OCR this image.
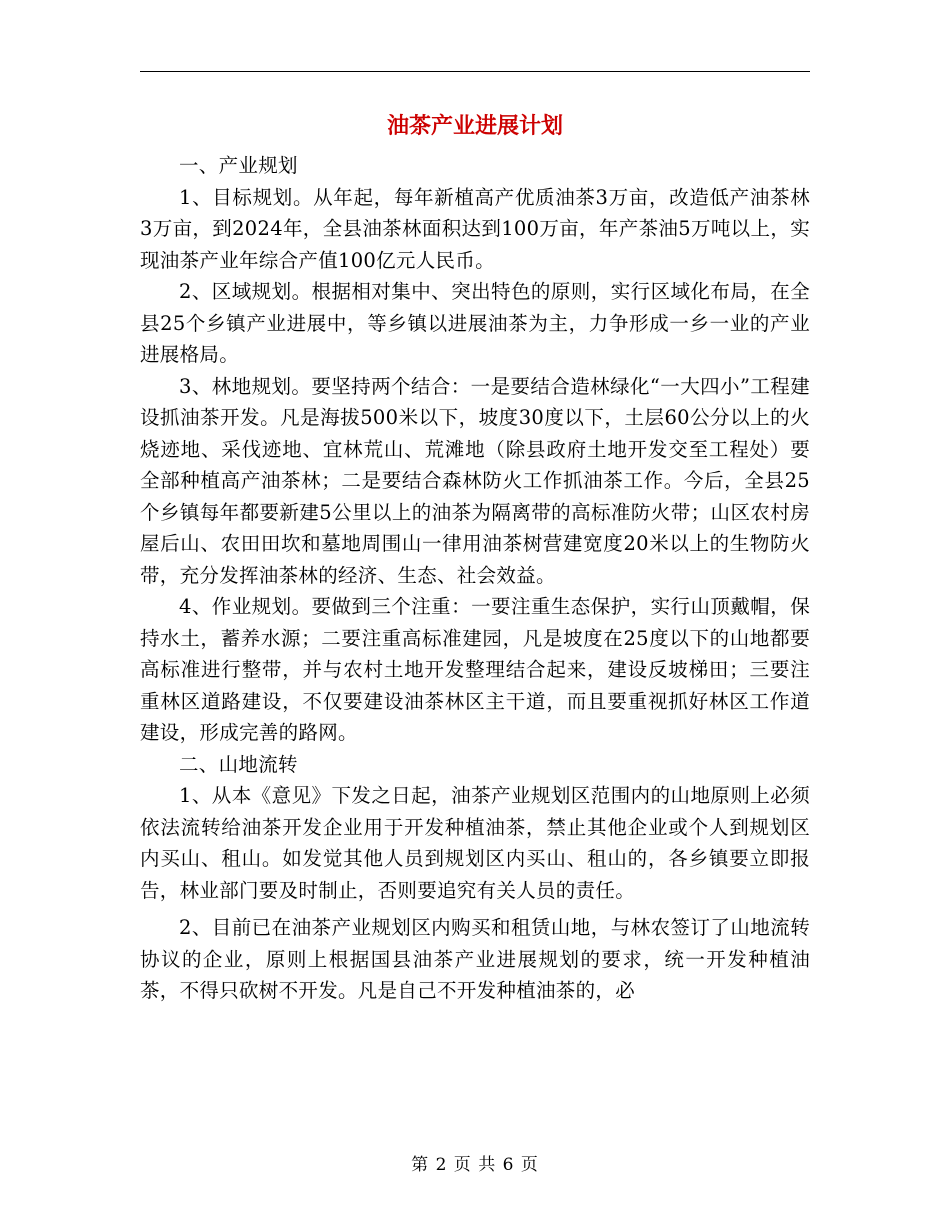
油茶产业进展计划

一、产业规划

1、目标规划。从年起，每年新植高产优质油茶3万亩，改造低产油茶林3万亩，到2024年，全县油茶林面积达到100万亩，年产茶油5万吨以上，实现油茶产业年综合产值100亿元人民币。

2、区域规划。根据相对集中、突出特色的原则，实行区域化布局，在全县25个乡镇产业进展中，等乡镇以进展油茶为主，力争形成一乡一业的产业进展格局。

3、林地规划。要坚持两个结合：一是要结合造林绿化“一大四小”工程建设抓油茶开发。凡是海拔500米以下，坡度30度以下，土层60公分以上的火烧迹地、采伐迹地、宜林荒山、荒滩地（除县政府土地开发交至工程处）要全部种植高产油茶林；二是要结合森林防火工作抓油茶工作。今后，全县25个乡镇每年都要新建5公里以上的油茶为隔离带的高标准防火带；山区农村房屋后山、农田田坎和墓地周围山一律用油茶树营建宽度20米以上的生物防火带，充分发挥油茶林的经济、生态、社会效益。

4、作业规划。要做到三个注重：一要注重生态保护，实行山顶戴帽，保持水土，蓄养水源；二要注重高标准建园，凡是坡度在25度以下的山地都要高标准进行整带，并与农村土地开发整理结合起来，建设反坡梯田；三要注重林区道路建设，不仅要建设油茶林区主干道，而且要重视抓好林区工作道建设，形成完善的路网。

二、山地流转

1、从本《意见》下发之日起，油茶产业规划区范围内的山地原则上必须依法流转给油茶开发企业用于开发种植油茶，禁止其他企业或个人到规划区内买山、租山。如发觉其他人员到规划区内买山、租山的，各乡镇要立即报告，林业部门要及时制止，否则要追究有关人员的责任。

2、目前已在油茶产业规划区内购买和租赁山地，与林农签订了山地流转协议的企业，原则上根据国县油茶产业进展规划的要求，统一开发种植油茶，不得只砍树不开发。凡是自己不开发种植油茶的，必

第 2 页 共 6 页
